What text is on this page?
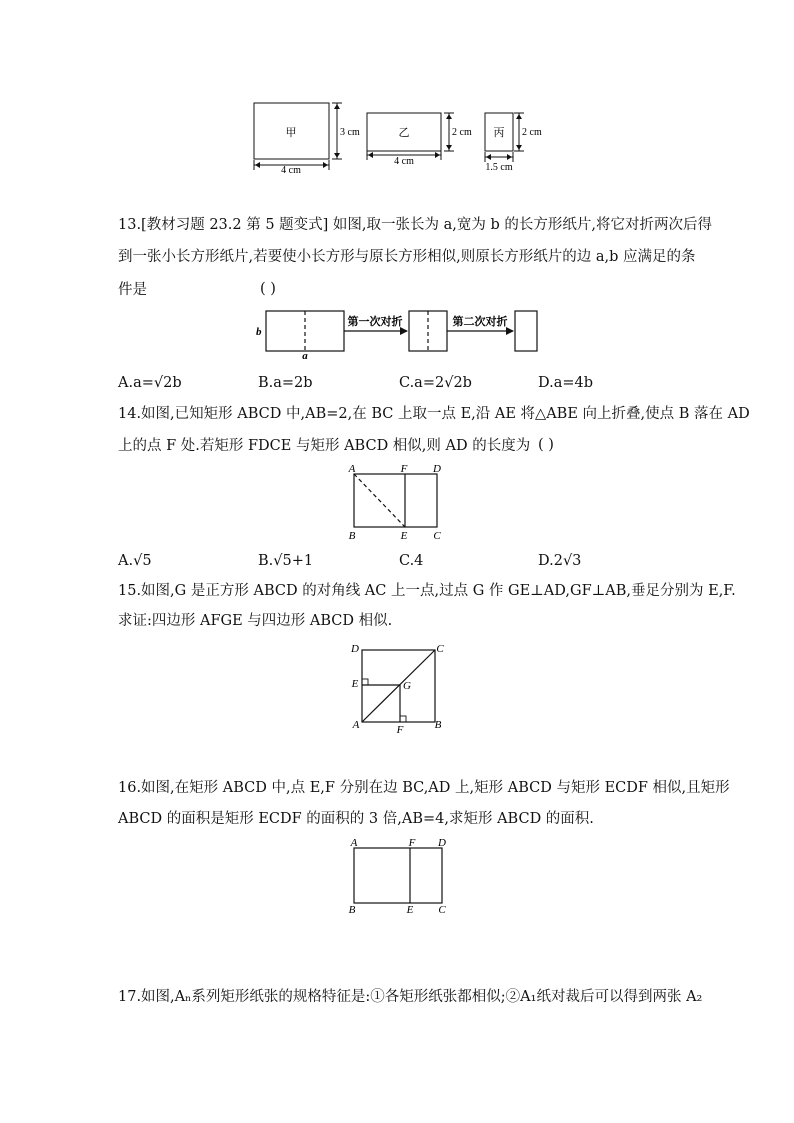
甲	乙	丙
3 cm
4 cm
2 cm
4 cm
2 cm
1.5 cm
13.[教材习题 23.2 第 5 题变式] 如图,取一张长为 a,宽为 b 的长方形纸片,将它对折两次后得
到一张小长方形纸片,若要使小长方形与原长方形相似,则原长方形纸片的边 a,b 应满足的条
件是	( )
b
a
第一次对折	第二次对折
A.a=√2b	B.a=2b	C.a=2√2b	D.a=4b
14.如图,已知矩形 ABCD 中,AB=2,在 BC 上取一点 E,沿 AE 将△ABE 向上折叠,使点 B 落在 AD
上的点 F 处.若矩形 FDCE 与矩形 ABCD 相似,则 AD 的长度为 ( )
A	F D
B	E C
A.√5	B.√5+1	C.4	D.2√3
15.如图,G 是正方形 ABCD 的对角线 AC 上一点,过点 G 作 GE⊥AD,GF⊥AB,垂足分别为 E,F.
求证:四边形 AFGE 与四边形 ABCD 相似.
D	C
E	G
A	F	B
16.如图,在矩形 ABCD 中,点 E,F 分别在边 BC,AD 上,矩形 ABCD 与矩形 ECDF 相似,且矩形
ABCD 的面积是矩形 ECDF 的面积的 3 倍,AB=4,求矩形 ABCD 的面积.
A	F D
B	E C
17.如图,Aₙ系列矩形纸张的规格特征是:①各矩形纸张都相似;②A₁纸对裁后可以得到两张 A₂
